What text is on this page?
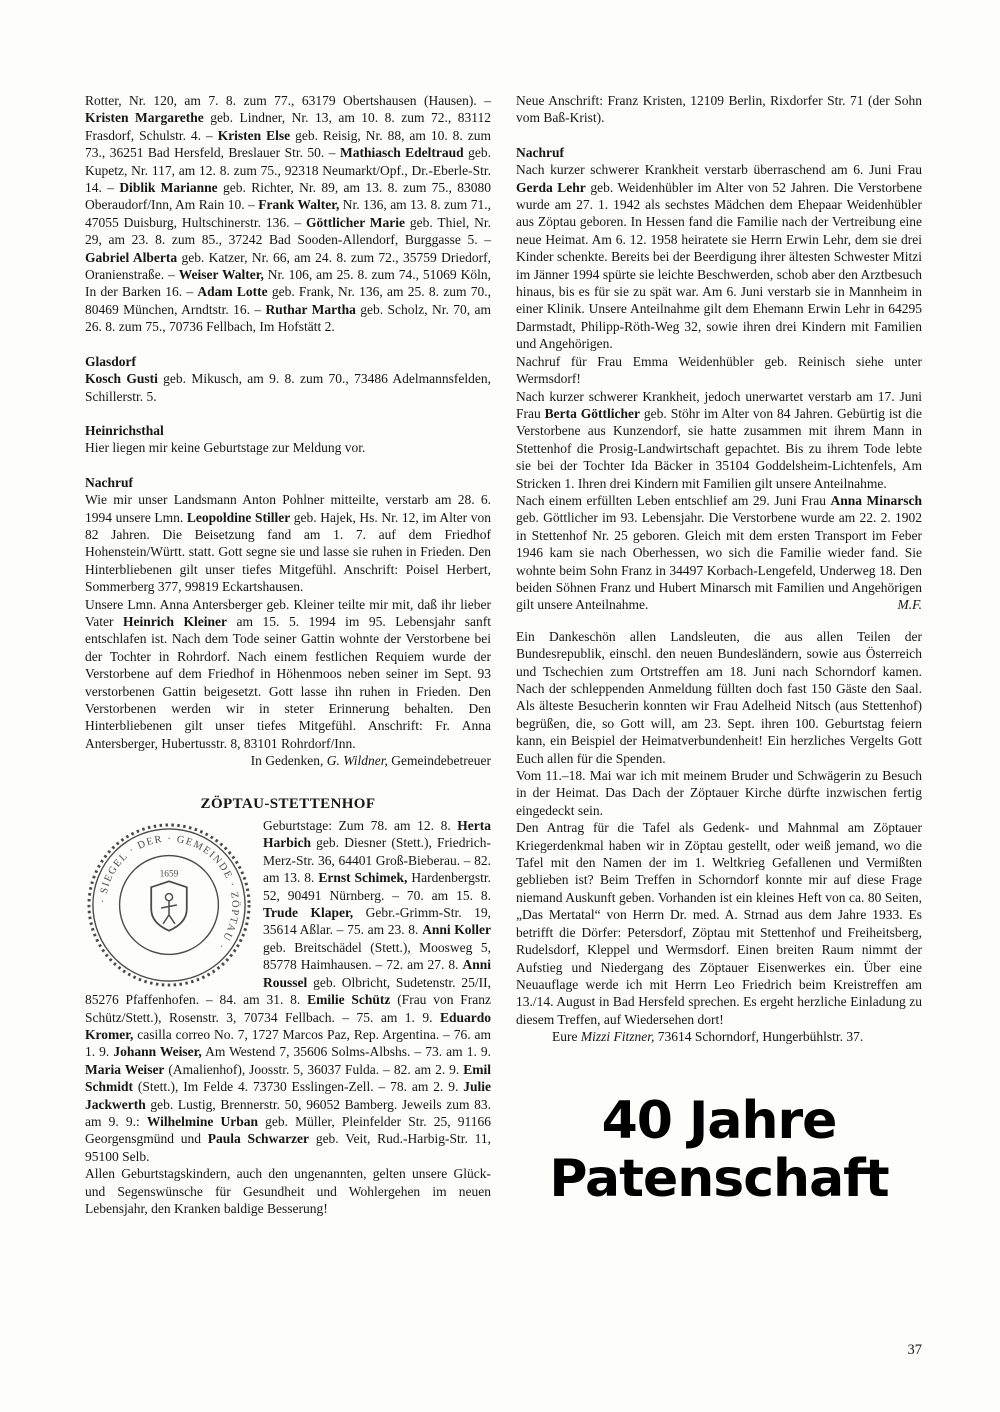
Rotter, Nr. 120, am 7. 8. zum 77., 63179 Obertshausen (Hausen). – Kristen Margarethe geb. Lindner, Nr. 13, am 10. 8. zum 72., 83112 Frasdorf, Schulstr. 4. – Kristen Else geb. Reisig, Nr. 88, am 10. 8. zum 73., 36251 Bad Hersfeld, Breslauer Str. 50. – Mathiasch Edeltraud geb. Kupetz, Nr. 117, am 12. 8. zum 75., 92318 Neumarkt/Opf., Dr.-Eberle-Str. 14. – Diblik Marianne geb. Richter, Nr. 89, am 13. 8. zum 75., 83080 Oberaudorf/Inn, Am Rain 10. – Frank Walter, Nr. 136, am 13. 8. zum 71., 47055 Duisburg, Hultschinerstr. 136. – Göttlicher Marie geb. Thiel, Nr. 29, am 23. 8. zum 85., 37242 Bad Sooden-Allendorf, Burggasse 5. – Gabriel Alberta geb. Katzer, Nr. 66, am 24. 8. zum 72., 35759 Driedorf, Oranienstraße. – Weiser Walter, Nr. 106, am 25. 8. zum 74., 51069 Köln, In der Barken 16. – Adam Lotte geb. Frank, Nr. 136, am 25. 8. zum 70., 80469 München, Arndtstr. 16. – Ruthar Martha geb. Scholz, Nr. 70, am 26. 8. zum 75., 70736 Fellbach, Im Hofstätt 2.

Glasdorf

Kosch Gusti geb. Mikusch, am 9. 8. zum 70., 73486 Adelmannsfelden, Schillerstr. 5.

Heinrichsthal

Hier liegen mir keine Geburtstage zur Meldung vor.

Nachruf

Wie mir unser Landsmann Anton Pohlner mitteilte, verstarb am 28. 6. 1994 unsere Lmn. Leopoldine Stiller geb. Hajek, Hs. Nr. 12, im Alter von 82 Jahren. Die Beisetzung fand am 1. 7. auf dem Friedhof Hohenstein/Württ. statt. Gott segne sie und lasse sie ruhen in Frieden. Den Hinterbliebenen gilt unser tiefes Mitgefühl. Anschrift: Poisel Herbert, Sommerberg 377, 99819 Eckartshausen.

Unsere Lmn. Anna Antersberger geb. Kleiner teilte mir mit, daß ihr lieber Vater Heinrich Kleiner am 15. 5. 1994 im 95. Lebensjahr sanft entschlafen ist. Nach dem Tode seiner Gattin wohnte der Verstorbene bei der Tochter in Rohrdorf. Nach einem festlichen Requiem wurde der Verstorbene auf dem Friedhof in Höhenmoos neben seiner im Sept. 93 verstorbenen Gattin beigesetzt. Gott lasse ihn ruhen in Frieden. Den Verstorbenen werden wir in steter Erinnerung behalten. Den Hinterbliebenen gilt unser tiefes Mitgefühl. Anschrift: Fr. Anna Antersberger, Hubertusstr. 8, 83101 Rohrdorf/Inn.

In Gedenken, G. Wildner, Gemeindebetreuer

ZÖPTAU-STETTENHOF
· SIEGEL · DER · GEMEINDE · ZÖPTAU ·
1659

Geburtstage: Zum 78. am 12. 8. Herta Harbich geb. Diesner (Stett.), Friedrich-Merz-Str. 36, 64401 Groß-Bieberau. – 82. am 13. 8. Ernst Schimek, Hardenbergstr. 52, 90491 Nürnberg. – 70. am 15. 8. Trude Klaper, Gebr.-Grimm-Str. 19, 35614 Aßlar. – 75. am 23. 8. Anni Koller geb. Breitschädel (Stett.), Moosweg 5, 85778 Haimhausen. – 72. am 27. 8. Anni Roussel geb. Olbricht, Sudetenstr. 25/II, 85276 Pfaffenhofen. – 84. am 31. 8. Emilie Schütz (Frau von Franz Schütz/Stett.), Rosenstr. 3, 70734 Fellbach. – 75. am 1. 9. Eduardo Kromer, casilla correo No. 7, 1727 Marcos Paz, Rep. Argentina. – 76. am 1. 9. Johann Weiser, Am Westend 7, 35606 Solms-Albshs. – 73. am 1. 9. Maria Weiser (Amalienhof), Joosstr. 5, 36037 Fulda. – 82. am 2. 9. Emil Schmidt (Stett.), Im Felde 4. 73730 Esslingen-Zell. – 78. am 2. 9. Julie Jackwerth geb. Lustig, Brennerstr. 50, 96052 Bamberg. Jeweils zum 83. am 9. 9.: Wilhelmine Urban geb. Müller, Pleinfelder Str. 25, 91166 Georgensgmünd und Paula Schwarzer geb. Veit, Rud.-Harbig-Str. 11, 95100 Selb.

Allen Geburtstagskindern, auch den ungenannten, gelten unsere Glück- und Segenswünsche für Gesundheit und Wohlergehen im neuen Lebensjahr, den Kranken baldige Besserung!

Neue Anschrift: Franz Kristen, 12109 Berlin, Rixdorfer Str. 71 (der Sohn vom Baß-Krist).

Nachruf

Nach kurzer schwerer Krankheit verstarb überraschend am 6. Juni Frau Gerda Lehr geb. Weidenhübler im Alter von 52 Jahren. Die Verstorbene wurde am 27. 1. 1942 als sechstes Mädchen dem Ehepaar Weidenhübler aus Zöptau geboren. In Hessen fand die Familie nach der Vertreibung eine neue Heimat. Am 6. 12. 1958 heiratete sie Herrn Erwin Lehr, dem sie drei Kinder schenkte. Bereits bei der Beerdigung ihrer ältesten Schwester Mitzi im Jänner 1994 spürte sie leichte Beschwerden, schob aber den Arztbesuch hinaus, bis es für sie zu spät war. Am 6. Juni verstarb sie in Mannheim in einer Klinik. Unsere Anteilnahme gilt dem Ehemann Erwin Lehr in 64295 Darmstadt, Philipp-Röth-Weg 32, sowie ihren drei Kindern mit Familien und Angehörigen.

Nachruf für Frau Emma Weidenhübler geb. Reinisch siehe unter Wermsdorf!

Nach kurzer schwerer Krankheit, jedoch unerwartet verstarb am 17. Juni Frau Berta Göttlicher geb. Stöhr im Alter von 84 Jahren. Gebürtig ist die Verstorbene aus Kunzendorf, sie hatte zusammen mit ihrem Mann in Stettenhof die Prosig-Landwirtschaft gepachtet. Bis zu ihrem Tode lebte sie bei der Tochter Ida Bäcker in 35104 Goddelsheim-Lichtenfels, Am Stricken 1. Ihren drei Kindern mit Familien gilt unsere Anteilnahme.

Nach einem erfüllten Leben entschlief am 29. Juni Frau Anna Minarsch geb. Göttlicher im 93. Lebensjahr. Die Verstorbene wurde am 22. 2. 1902 in Stettenhof Nr. 25 geboren. Gleich mit dem ersten Transport im Feber 1946 kam sie nach Oberhessen, wo sich die Familie wieder fand. Sie wohnte beim Sohn Franz in 34497 Korbach-Lengefeld, Underweg 18. Den beiden Söhnen Franz und Hubert Minarsch mit Familien und Angehörigen gilt unsere Anteilnahme.	M.F.

Ein Dankeschön allen Landsleuten, die aus allen Teilen der Bundesrepublik, einschl. den neuen Bundesländern, sowie aus Österreich und Tschechien zum Ortstreffen am 18. Juni nach Schorndorf kamen. Nach der schleppenden Anmeldung füllten doch fast 150 Gäste den Saal. Als älteste Besucherin konnten wir Frau Adelheid Nitsch (aus Stettenhof) begrüßen, die, so Gott will, am 23. Sept. ihren 100. Geburtstag feiern kann, ein Beispiel der Heimatverbundenheit! Ein herzliches Vergelts Gott Euch allen für die Spenden.

Vom 11.–18. Mai war ich mit meinem Bruder und Schwägerin zu Besuch in der Heimat. Das Dach der Zöptauer Kirche dürfte inzwischen fertig eingedeckt sein.

Den Antrag für die Tafel als Gedenk- und Mahnmal am Zöptauer Kriegerdenkmal haben wir in Zöptau gestellt, oder weiß jemand, wo die Tafel mit den Namen der im 1. Weltkrieg Gefallenen und Vermißten geblieben ist? Beim Treffen in Schorndorf konnte mir auf diese Frage niemand Auskunft geben. Vorhanden ist ein kleines Heft von ca. 80 Seiten, „Das Mertatal“ von Herrn Dr. med. A. Strnad aus dem Jahre 1933. Es betrifft die Dörfer: Petersdorf, Zöptau mit Stettenhof und Freiheitsberg, Rudelsdorf, Kleppel und Wermsdorf. Einen breiten Raum nimmt der Aufstieg und Niedergang des Zöptauer Eisenwerkes ein. Über eine Neuauflage werde ich mit Herrn Leo Friedrich beim Kreistreffen am 13./14. August in Bad Hersfeld sprechen. Es ergeht herzliche Einladung zu diesem Treffen, auf Wiedersehen dort!

Eure Mizzi Fitzner, 73614 Schorndorf, Hungerbühlstr. 37.

40 Jahre
Patenschaft
37
